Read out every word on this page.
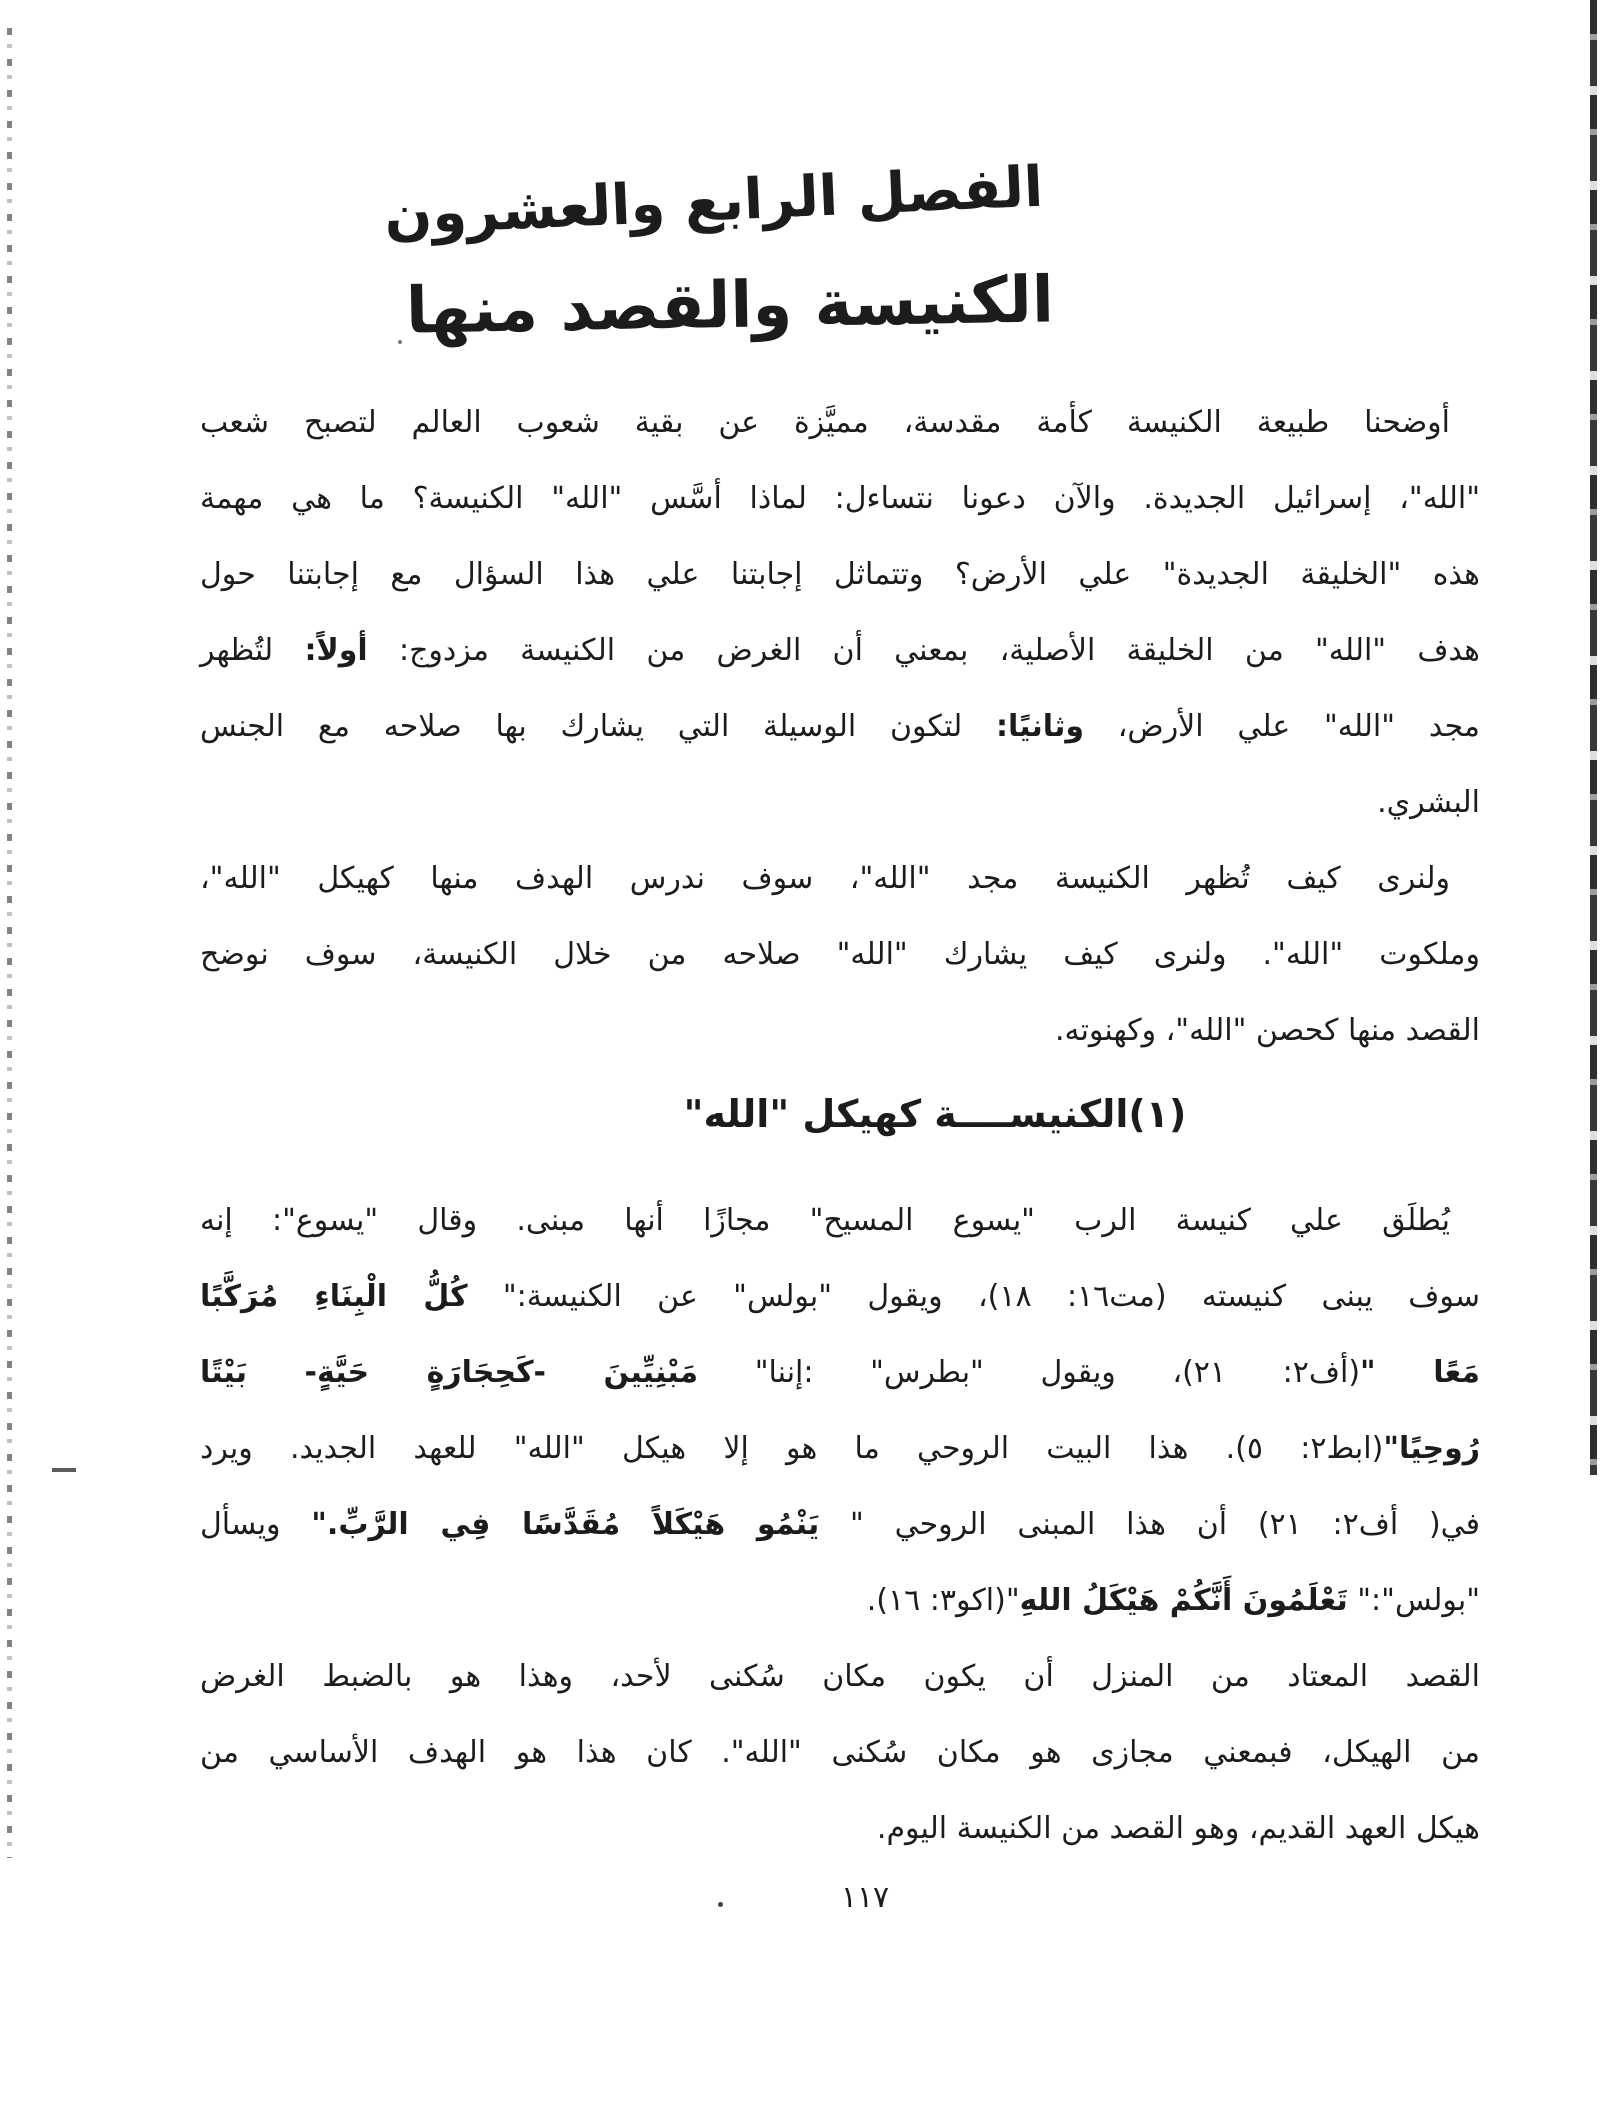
الفصل الرابع والعشرون
الكنيسة والقصد منها
أوضحنا طبيعة الكنيسة كأمة مقدسة، مميَّزة عن بقية شعوب العالم لتصبح شعب
"الله"، إسرائيل الجديدة. والآن دعونا نتساءل: لماذا أسَّس "الله" الكنيسة؟ ما هي مهمة
هذه "الخليقة الجديدة" علي الأرض؟ وتتماثل إجابتنا علي هذا السؤال مع إجابتنا حول
هدف "الله" من الخليقة الأصلية، بمعني أن الغرض من الكنيسة مزدوج: أولاً: لتُظهر
مجد "الله" علي الأرض، وثانيًا: لتكون الوسيلة التي يشارك بها صلاحه مع الجنس
البشري.
ولنرى كيف تُظهر الكنيسة مجد "الله"، سوف ندرس الهدف منها كهيكل "الله"،
وملكوت "الله". ولنرى كيف يشارك "الله" صلاحه من خلال الكنيسة، سوف نوضح
القصد منها كحصن "الله"، وكهنوته.
(١)الكنيســــة كهيكل "الله"
يُطلَق علي كنيسة الرب "يسوع المسيح" مجازًا أنها مبنى. وقال "يسوع": إنه
سوف يبنى كنيسته (مت١٦: ١٨)، ويقول "بولس" عن الكنيسة:" كُلُّ الْبِنَاءِ مُرَكَّبًا
مَعًا "(أف٢: ٢١)، ويقول "بطرس" :إننا" مَبْنِيِّينَ -كَحِجَارَةٍ حَيَّةٍ- بَيْتًا
رُوحِيًا"(ابط٢: ٥). هذا البيت الروحي ما هو إلا هيكل "الله" للعهد الجديد. ويرد
في( أف٢: ٢١) أن هذا المبنى الروحي " يَنْمُو هَيْكَلاً مُقَدَّسًا فِي الرَّبِّ." ويسأل
"بولس":" تَعْلَمُونَ أَنَّكُمْ هَيْكَلُ اللهِ"(اكو٣: ١٦).
القصد المعتاد من المنزل أن يكون مكان سُكنى لأحد، وهذا هو بالضبط الغرض
من الهيكل، فبمعني مجازى هو مكان سُكنى "الله". كان هذا هو الهدف الأساسي من
هيكل العهد القديم، وهو القصد من الكنيسة اليوم.
١١٧
